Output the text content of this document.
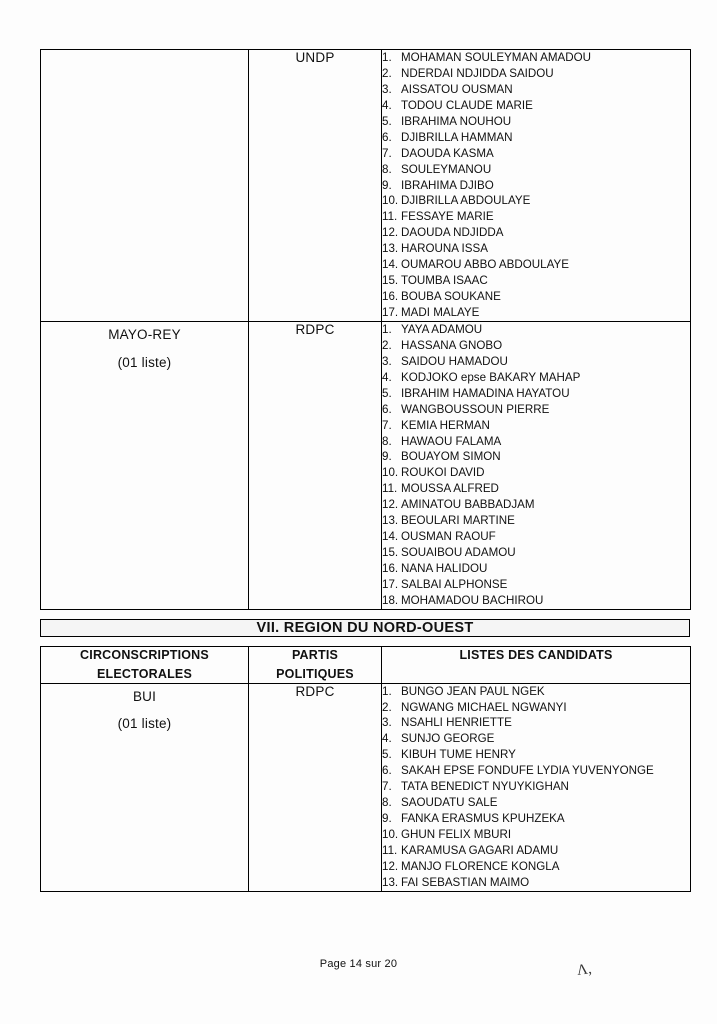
	UNDP	1. MOHAMAN SOULEYMAN AMADOU
2. NDERDAI NDJIDDA SAIDOU
3. AISSATOU OUSMAN
4. TODOU CLAUDE MARIE
5. IBRAHIMA NOUHOU
6. DJIBRILLA HAMMAN
7. DAOUDA KASMA
8. SOULEYMANOU
9. IBRAHIMA DJIBO
10. DJIBRILLA ABDOULAYE
11. FESSAYE MARIE
12. DAOUDA NDJIDDA
13. HAROUNA ISSA
14. OUMAROU ABBO ABDOULAYE
15. TOUMBA ISAAC
16. BOUBA SOUKANE
17. MADI MALAYE

MAYO-REY
(01 liste)
	RDPC	1. YAYA ADAMOU
2. HASSANA GNOBO
3. SAIDOU HAMADOU
4. KODJOKO epse BAKARY MAHAP
5. IBRAHIM HAMADINA HAYATOU
6. WANGBOUSSOUN PIERRE
7. KEMIA HERMAN
8. HAWAOU FALAMA
9. BOUAYOM SIMON
10. ROUKOI DAVID
11. MOUSSA ALFRED
12. AMINATOU BABBADJAM
13. BEOULARI MARTINE
14. OUSMAN RAOUF
15. SOUAIBOU ADAMOU
16. NANA HALIDOU
17. SALBAI ALPHONSE
18. MOHAMADOU BACHIROU
VII. REGION DU NORD-OUEST
CIRCONSCRIPTIONS
ELECTORALES	PARTIS
POLITIQUES	LISTES DES CANDIDATS
BUI
(01 liste)
	RDPC	1. BUNGO JEAN PAUL NGEK
2. NGWANG MICHAEL NGWANYI
3. NSAHLI HENRIETTE
4. SUNJO GEORGE
5. KIBUH TUME HENRY
6. SAKAH EPSE FONDUFE LYDIA YUVENYONGE
7. TATA BENEDICT NYUYKIGHAN
8. SAOUDATU SALE
9. FANKA ERASMUS KPUHZEKA
10. GHUN FELIX MBURI
11. KARAMUSA GAGARI ADAMU
12. MANJO FLORENCE KONGLA
13. FAI SEBASTIAN MAIMO
Page 14 sur 20	Λ,
